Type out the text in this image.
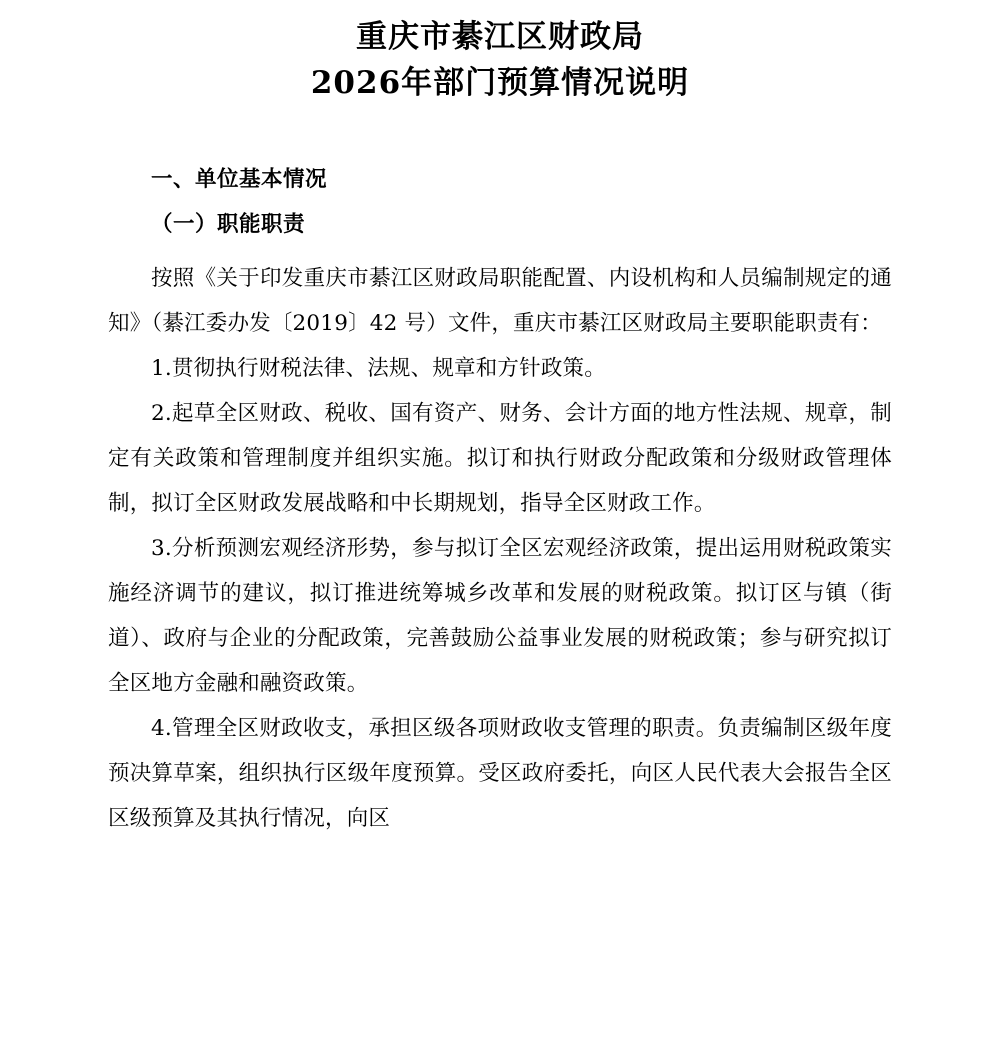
重庆市綦江区财政局
2026年部门预算情况说明
一、单位基本情况
（一）职能职责

按照《关于印发重庆市綦江区财政局职能配置、内设机构和人员编制规定的通知》（綦江委办发〔2019〕42 号）文件，重庆市綦江区财政局主要职能职责有：

1.贯彻执行财税法律、法规、规章和方针政策。

2.起草全区财政、税收、国有资产、财务、会计方面的地方性法规、规章，制定有关政策和管理制度并组织实施。拟订和执行财政分配政策和分级财政管理体制，拟订全区财政发展战略和中长期规划，指导全区财政工作。

3.分析预测宏观经济形势，参与拟订全区宏观经济政策，提出运用财税政策实施经济调节的建议，拟订推进统筹城乡改革和发展的财税政策。拟订区与镇（街道）、政府与企业的分配政策，完善鼓励公益事业发展的财税政策；参与研究拟订全区地方金融和融资政策。

4.管理全区财政收支，承担区级各项财政收支管理的职责。负责编制区级年度预决算草案，组织执行区级年度预算。受区政府委托，向区人民代表大会报告全区区级预算及其执行情况，向区
